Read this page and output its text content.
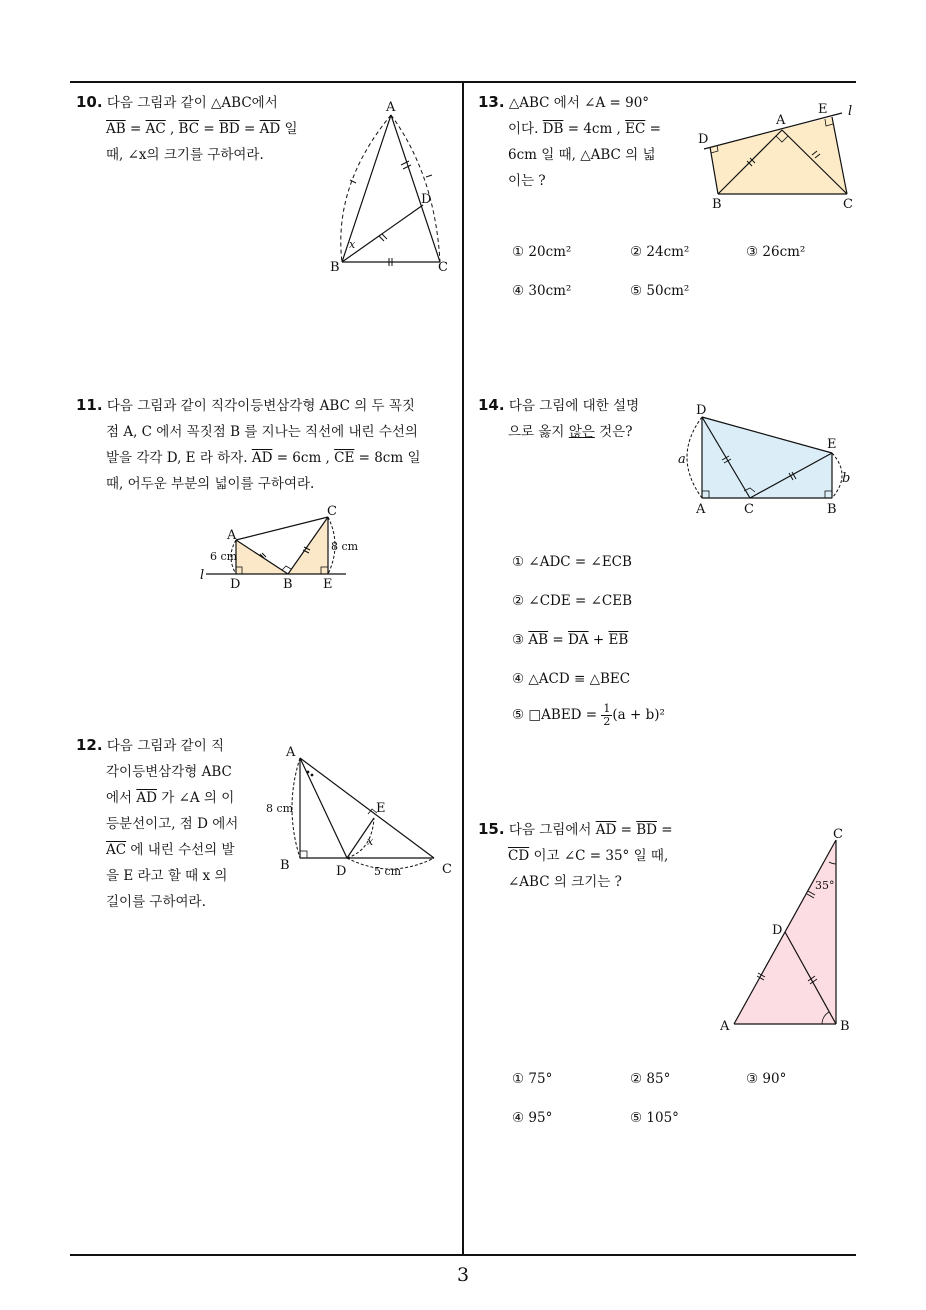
3
10. 다음 그림과 같이 △ABC에서
$\overline{AB} = \overline{AC}$ , $\overline{BC} = \overline{BD} = \overline{AD}$ 일
때, ∠x의 크기를 구하여라.
A
B	C
D
x
11. 다음 그림과 같이 직각이등변삼각형 ABC 의 두 꼭짓
점 A, C 에서 꼭짓점 B 를 지나는 직선에 내린 수선의
발을 각각 D, E 라 하자. $\overline{AD} = 6cm$ , $\overline{CE} = 8cm$ 일
때, 어두운 부분의 넓이를 구하여라.
A
C
D	B E
l
6 cm
8 cm
12. 다음 그림과 같이 직
각이등변삼각형 ABC
에서 $\overline{AD}$ 가 ∠A 의 이
등분선이고, 점 D 에서
$\overline{AC}$ 에 내린 수선의 발
을 E 라고 할 때 x 의
길이를 구하여라.
A
B	D	C
E
x
8 cm
5 cm
13. △ABC 에서 ∠A = 90°
이다. $\overline{DB} = 4cm$ , $\overline{EC}$ =
6cm 일 때, △ABC 의 넓
이는 ?
A
D
E l
B	C
① 20cm²	② 24cm²	③ 26cm²
④ 30cm²	⑤ 50cm²
14. 다음 그림에 대한 설명
으로 옳지 않은 것은?
D
E
A	C	B
a
b
① ∠ADC = ∠ECB
② ∠CDE = ∠CEB
③ $\overline{AB} = \overline{DA} + \overline{EB}$
④ △ACD ≡ △BEC
⑤ □ABED = $\frac{1}{2} (a + b)^2$
15. 다음 그림에서 $\overline{AD} = \overline{BD}$ =
$\overline{CD}$ 이고 ∠C = 35° 일 때,
∠ABC 의 크기는 ?
C
D
A	B
35°
① 75°	② 85°	③ 90°
④ 95°	⑤ 105°
